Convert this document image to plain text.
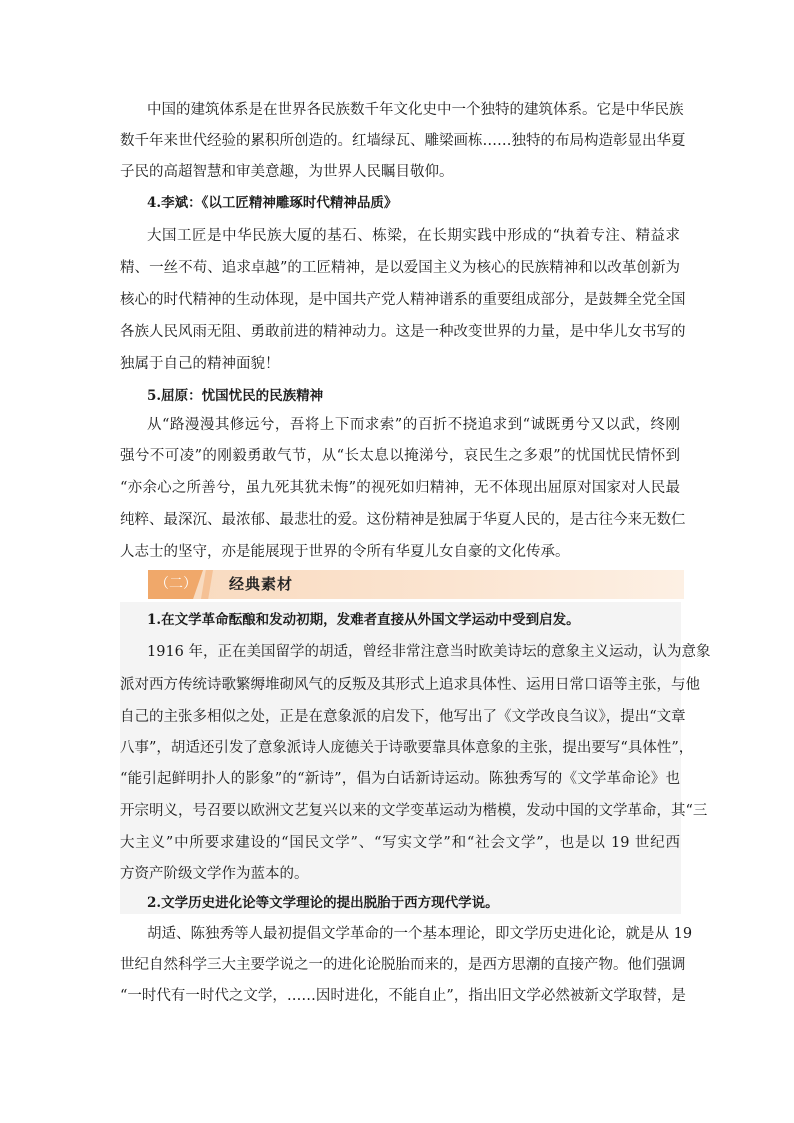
中国的建筑体系是在世界各民族数千年文化史中一个独特的建筑体系。它是中华民族
数千年来世代经验的累积所创造的。红墙绿瓦、雕梁画栋……独特的布局构造彰显出华夏
子民的高超智慧和审美意趣，为世界人民瞩目敬仰。
4.李斌：《以工匠精神雕琢时代精神品质》
大国工匠是中华民族大厦的基石、栋梁，在长期实践中形成的“执着专注、精益求
精、一丝不苟、追求卓越”的工匠精神，是以爱国主义为核心的民族精神和以改革创新为
核心的时代精神的生动体现，是中国共产党人精神谱系的重要组成部分，是鼓舞全党全国
各族人民风雨无阻、勇敢前进的精神动力。这是一种改变世界的力量，是中华儿女书写的
独属于自己的精神面貌！
5.屈原：忧国忧民的民族精神
从“路漫漫其修远兮，吾将上下而求索”的百折不挠追求到“诚既勇兮又以武，终刚
强兮不可凌”的刚毅勇敢气节，从“长太息以掩涕兮，哀民生之多艰”的忧国忧民情怀到
“亦余心之所善兮，虽九死其犹未悔”的视死如归精神，无不体现出屈原对国家对人民最
纯粹、最深沉、最浓郁、最悲壮的爱。这份精神是独属于华夏人民的，是古往今来无数仁
人志士的坚守，亦是能展现于世界的令所有华夏儿女自豪的文化传承。
（二） 经典素材
1.在文学革命酝酿和发动初期，发难者直接从外国文学运动中受到启发。
1916 年，正在美国留学的胡适，曾经非常注意当时欧美诗坛的意象主义运动，认为意象
派对西方传统诗歌繁缛堆砌风气的反叛及其形式上追求具体性、运用日常口语等主张，与他
自己的主张多相似之处，正是在意象派的启发下，他写出了《文学改良刍议》，提出“文章
八事”，胡适还引发了意象派诗人庞德关于诗歌要靠具体意象的主张，提出要写“具体性”，
“能引起鲜明扑人的影象”的“新诗”，倡为白话新诗运动。陈独秀写的《文学革命论》也
开宗明义，号召要以欧洲文艺复兴以来的文学变革运动为楷模，发动中国的文学革命，其“三
大主义”中所要求建设的“国民文学”、“写实文学”和“社会文学”，也是以 19 世纪西
方资产阶级文学作为蓝本的。
2.文学历史进化论等文学理论的提出脱胎于西方现代学说。
胡适、陈独秀等人最初提倡文学革命的一个基本理论，即文学历史进化论，就是从 19
世纪自然科学三大主要学说之一的进化论脱胎而来的，是西方思潮的直接产物。他们强调
“一时代有一时代之文学，……因时进化，不能自止”，指出旧文学必然被新文学取替，是
